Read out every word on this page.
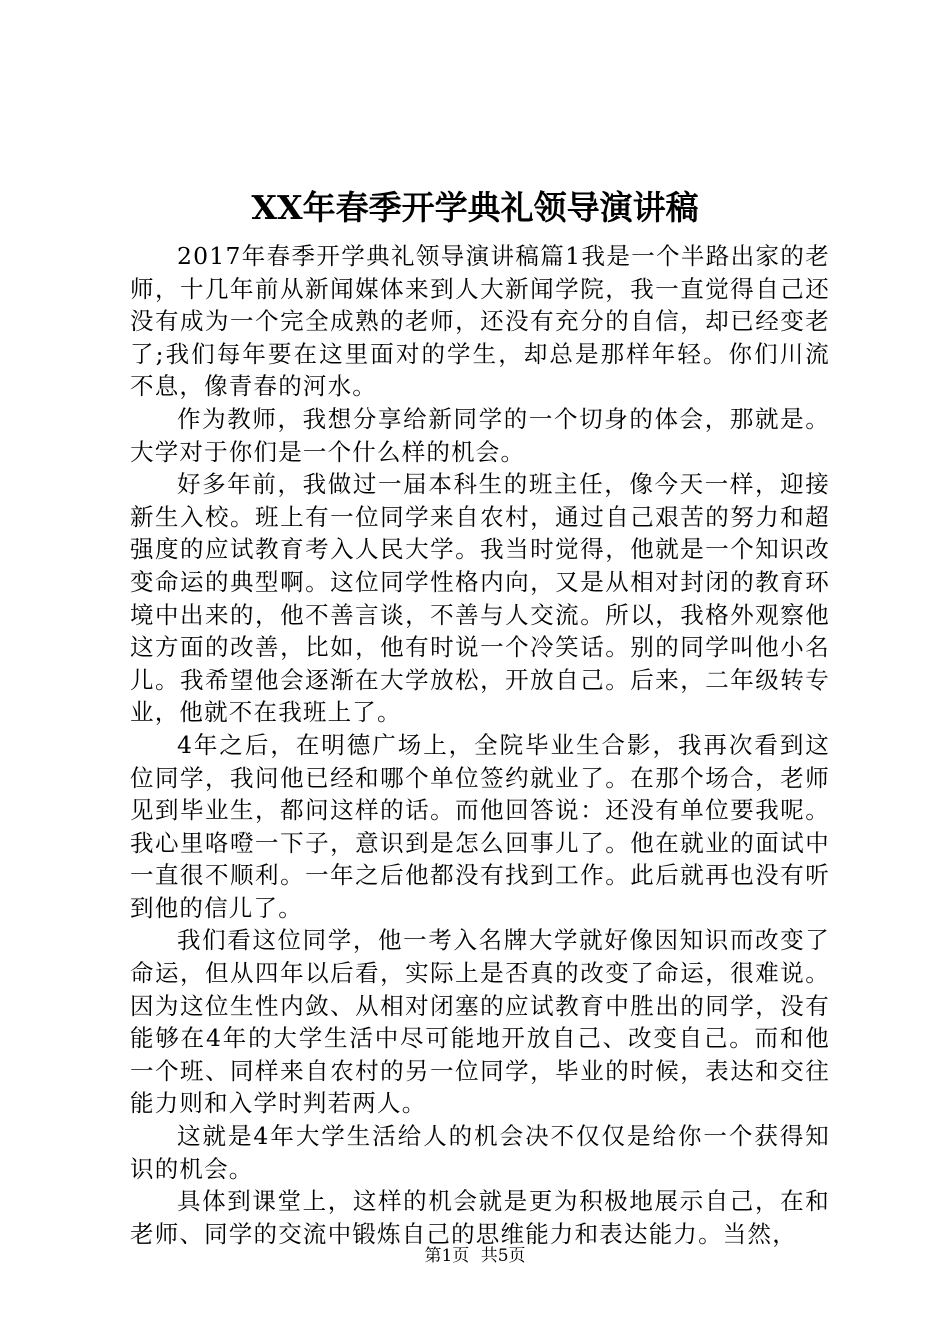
XX年春季开学典礼领导演讲稿

2017年春季开学典礼领导演讲稿篇1我是一个半路出家的老师，十几年前从新闻媒体来到人大新闻学院，我一直觉得自己还没有成为一个完全成熟的老师，还没有充分的自信，却已经变老了;我们每年要在这里面对的学生，却总是那样年轻。你们川流不息，像青春的河水。

作为教师，我想分享给新同学的一个切身的体会，那就是。大学对于你们是一个什么样的机会。

好多年前，我做过一届本科生的班主任，像今天一样，迎接新生入校。班上有一位同学来自农村，通过自己艰苦的努力和超强度的应试教育考入人民大学。我当时觉得，他就是一个知识改变命运的典型啊。这位同学性格内向，又是从相对封闭的教育环境中出来的，他不善言谈，不善与人交流。所以，我格外观察他这方面的改善，比如，他有时说一个冷笑话。别的同学叫他小名儿。我希望他会逐渐在大学放松，开放自己。后来，二年级转专业，他就不在我班上了。

4年之后，在明德广场上，全院毕业生合影，我再次看到这位同学，我问他已经和哪个单位签约就业了。在那个场合，老师见到毕业生，都问这样的话。而他回答说：还没有单位要我呢。我心里咯噔一下子，意识到是怎么回事儿了。他在就业的面试中一直很不顺利。一年之后他都没有找到工作。此后就再也没有听到他的信儿了。

我们看这位同学，他一考入名牌大学就好像因知识而改变了命运，但从四年以后看，实际上是否真的改变了命运，很难说。因为这位生性内敛、从相对闭塞的应试教育中胜出的同学，没有能够在4年的大学生活中尽可能地开放自己、改变自己。而和他一个班、同样来自农村的另一位同学，毕业的时候，表达和交往能力则和入学时判若两人。

这就是4年大学生活给人的机会决不仅仅是给你一个获得知识的机会。

具体到课堂上，这样的机会就是更为积极地展示自己，在和老师、同学的交流中锻炼自己的思维能力和表达能力。当然，

第1页 共5页
